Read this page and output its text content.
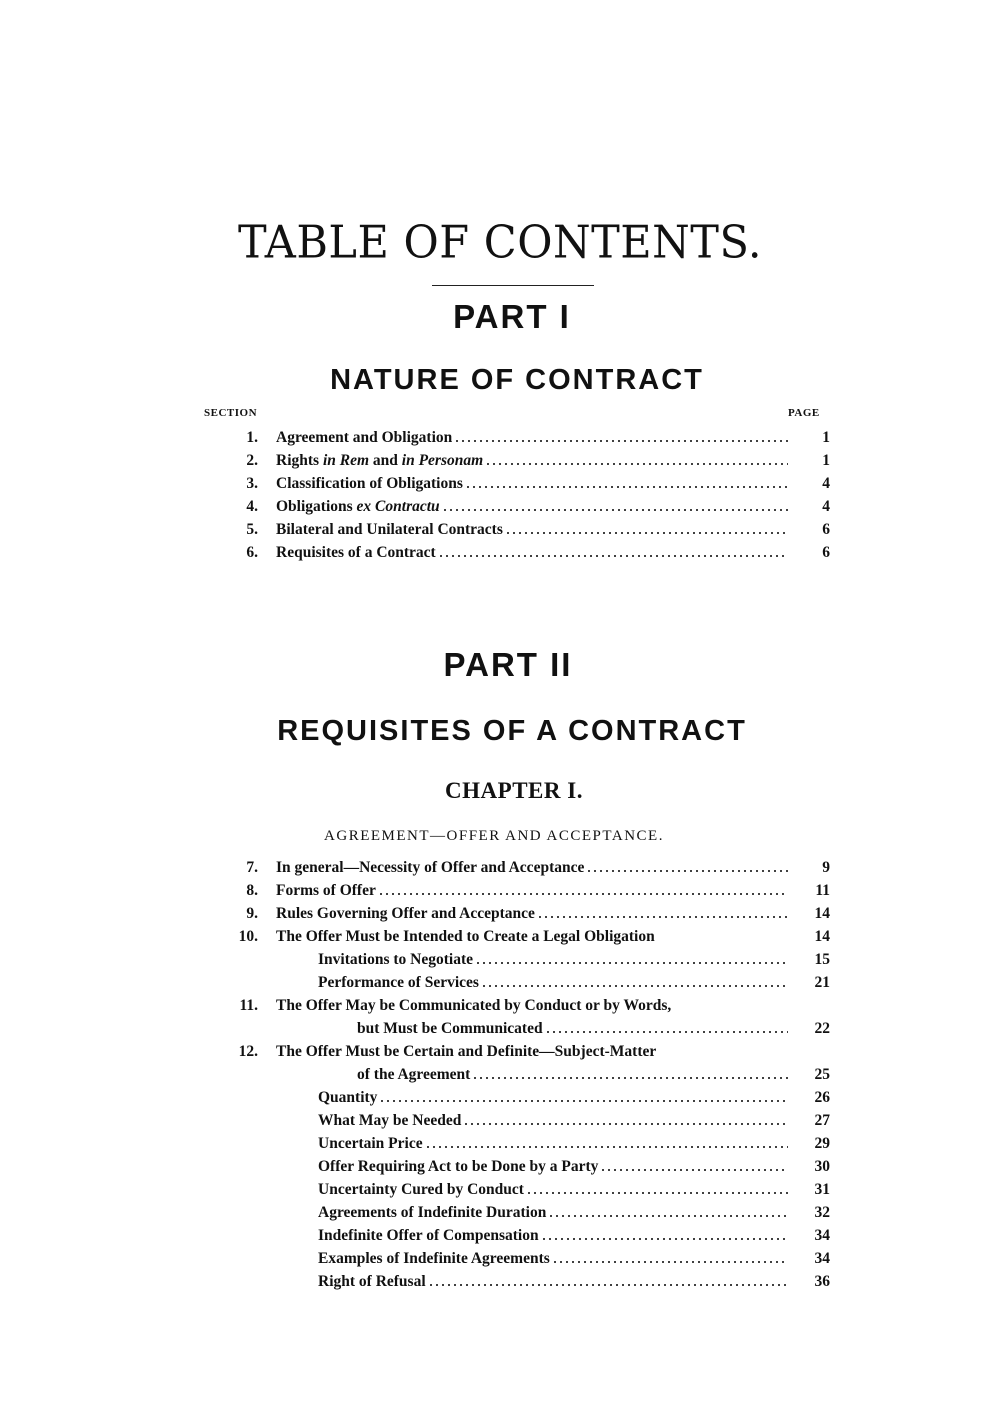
TABLE OF CONTENTS.
PART I
NATURE OF CONTRACT
SECTION	PAGE
1. Agreement and Obligation	1
2. Rights in Rem and in Personam	1
3. Classification of Obligations	4
4. Obligations ex Contractu	4
5. Bilateral and Unilateral Contracts	6
6. Requisites of a Contract	6
PART II
REQUISITES OF A CONTRACT
CHAPTER I.
AGREEMENT—OFFER AND ACCEPTANCE.
7. In general—Necessity of Offer and Acceptance	9
8. Forms of Offer	11
9. Rules Governing Offer and Acceptance	14
10. The Offer Must be Intended to Create a Legal Obligation	14
Invitations to Negotiate	15
Performance of Services	21
11. The Offer May be Communicated by Conduct or by Words,
but Must be Communicated	22
12. The Offer Must be Certain and Definite—Subject-Matter
of the Agreement	25
Quantity	26
What May be Needed	27
Uncertain Price	29
Offer Requiring Act to be Done by a Party	30
Uncertainty Cured by Conduct	31
Agreements of Indefinite Duration	32
Indefinite Offer of Compensation	34
Examples of Indefinite Agreements	34
Right of Refusal	36
